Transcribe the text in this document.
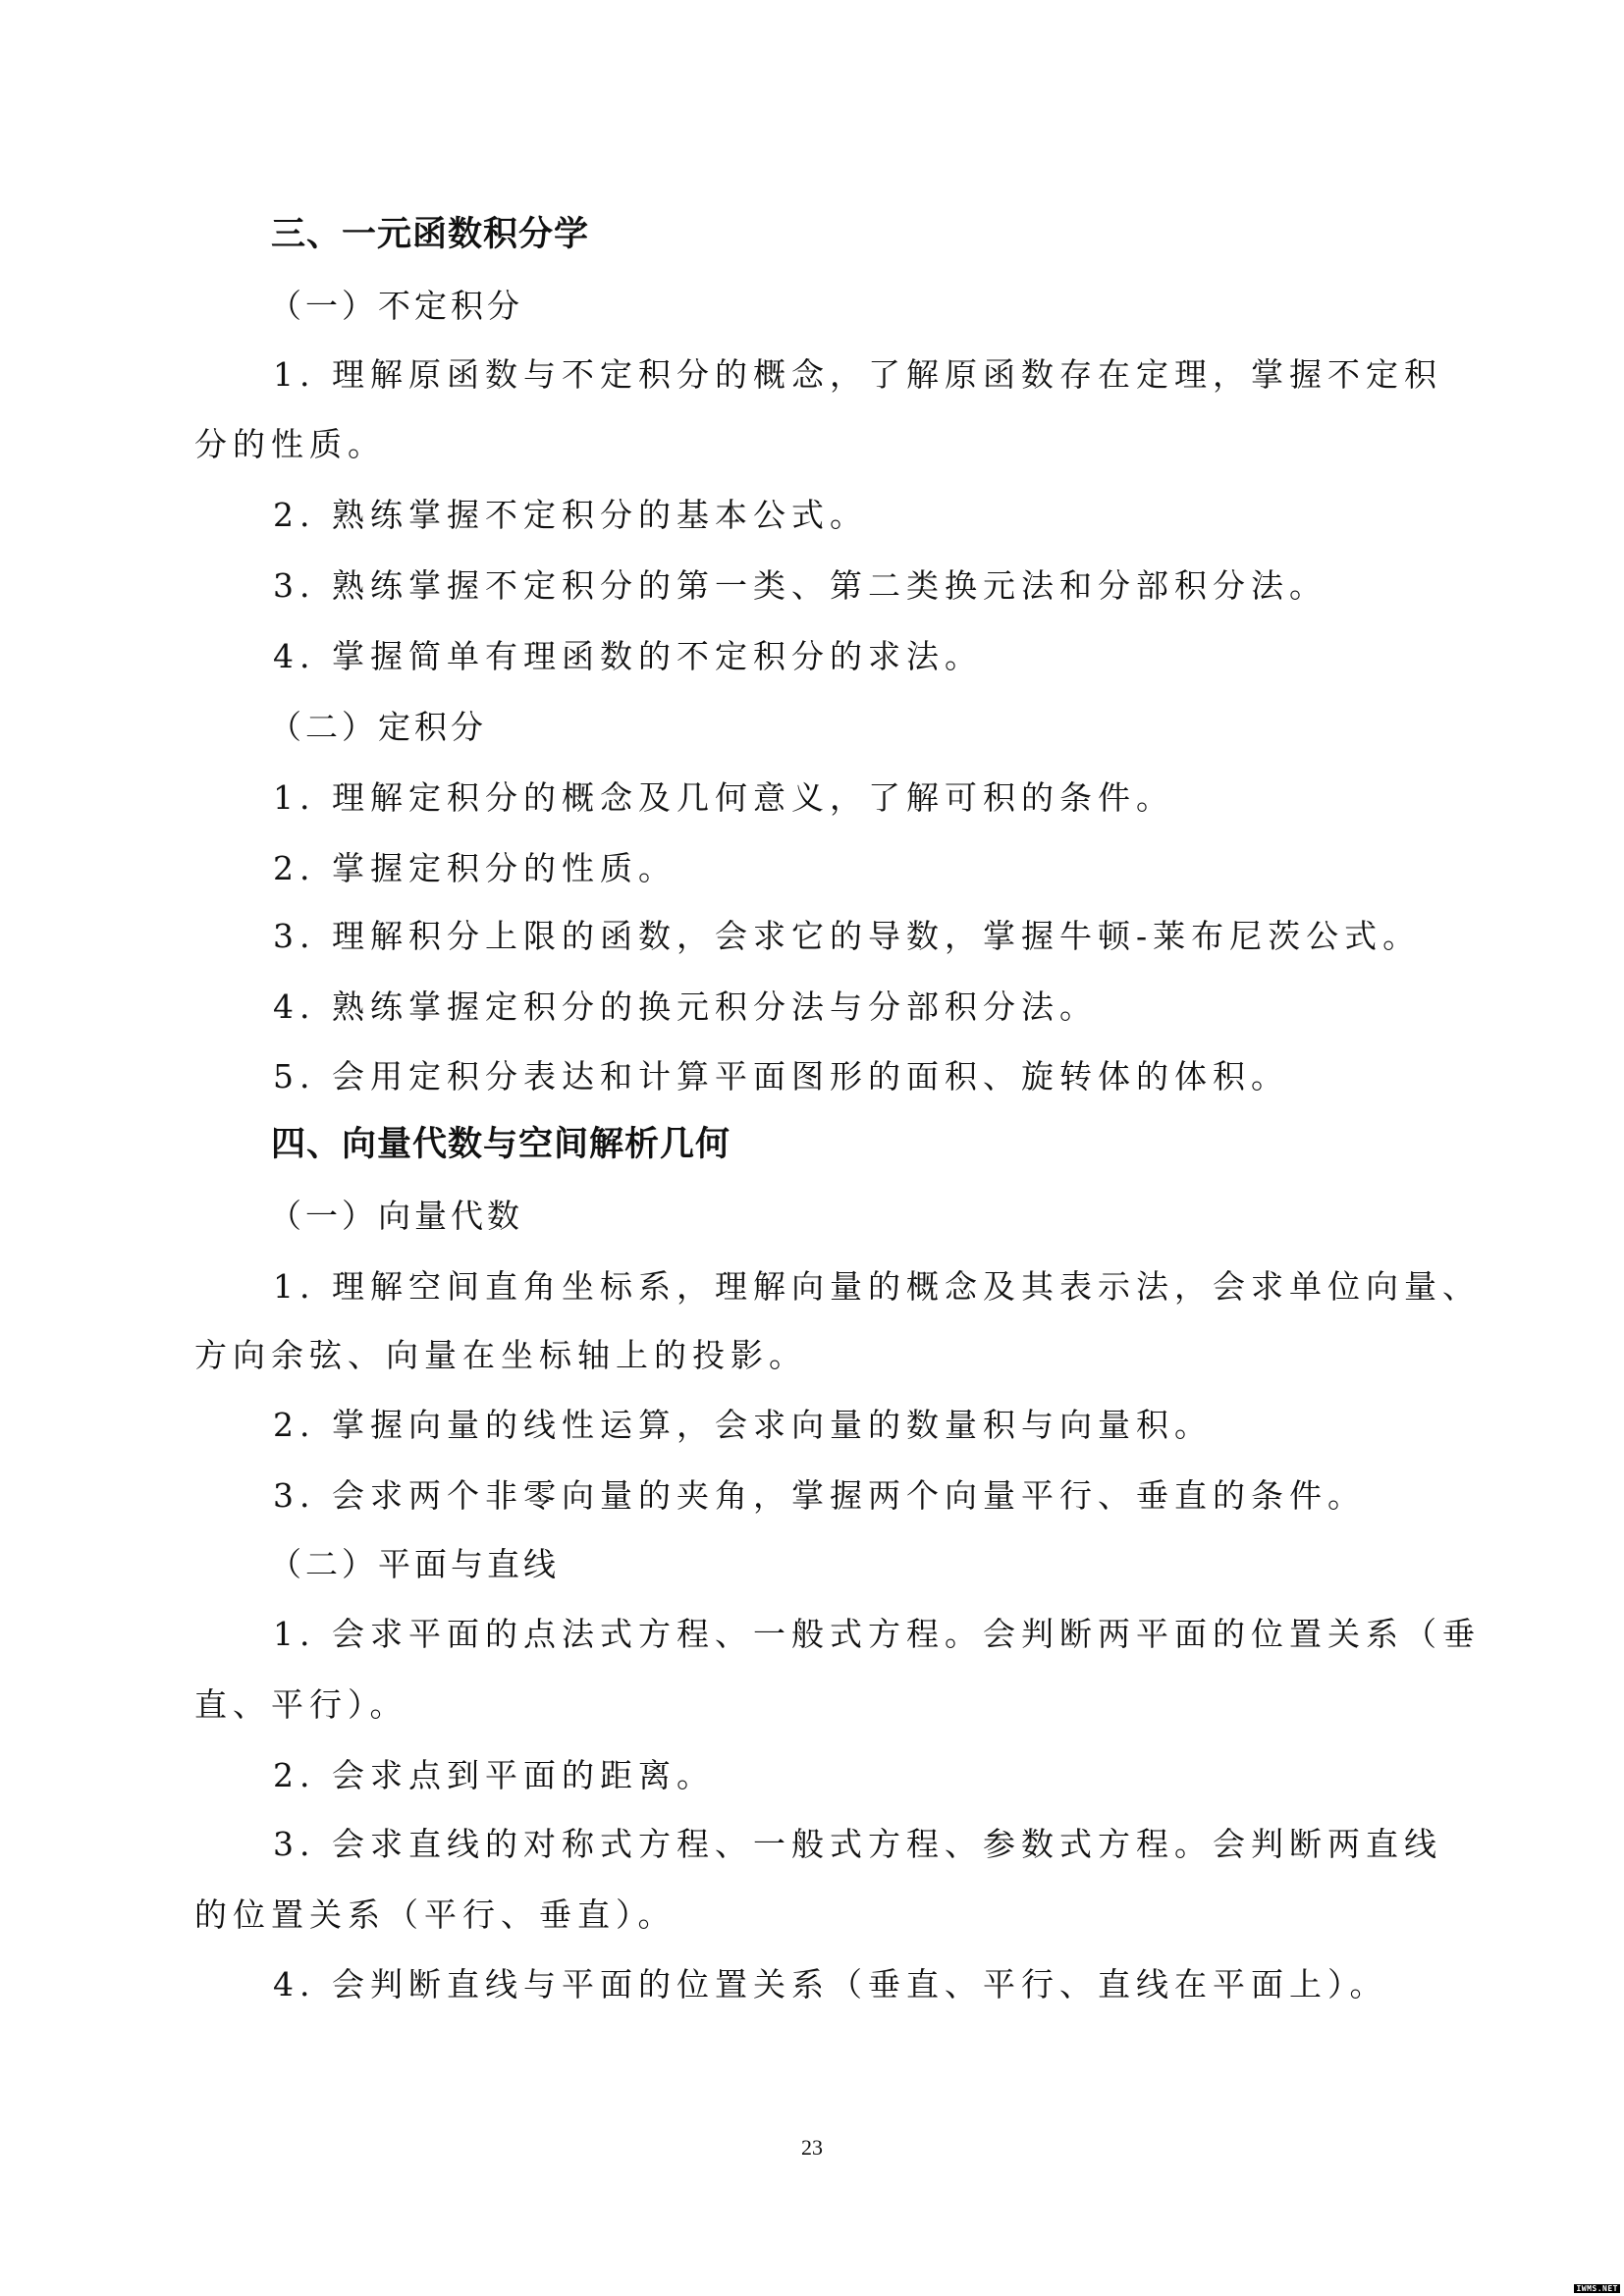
三、一元函数积分学
（一）不定积分
1. 理解原函数与不定积分的概念，了解原函数存在定理，掌握不定积
分的性质。
2. 熟练掌握不定积分的基本公式。
3. 熟练掌握不定积分的第一类、第二类换元法和分部积分法。
4. 掌握简单有理函数的不定积分的求法。
（二）定积分
1. 理解定积分的概念及几何意义，了解可积的条件。
2. 掌握定积分的性质。
3. 理解积分上限的函数，会求它的导数，掌握牛顿-莱布尼茨公式。
4. 熟练掌握定积分的换元积分法与分部积分法。
5. 会用定积分表达和计算平面图形的面积、旋转体的体积。
四、向量代数与空间解析几何
（一）向量代数
1. 理解空间直角坐标系，理解向量的概念及其表示法，会求单位向量、
方向余弦、向量在坐标轴上的投影。
2. 掌握向量的线性运算，会求向量的数量积与向量积。
3. 会求两个非零向量的夹角，掌握两个向量平行、垂直的条件。
（二）平面与直线
1. 会求平面的点法式方程、一般式方程。会判断两平面的位置关系（垂
直、平行）。
2. 会求点到平面的距离。
3. 会求直线的对称式方程、一般式方程、参数式方程。会判断两直线
的位置关系（平行、垂直）。
4. 会判断直线与平面的位置关系（垂直、平行、直线在平面上）。
23
IWMS.NET
